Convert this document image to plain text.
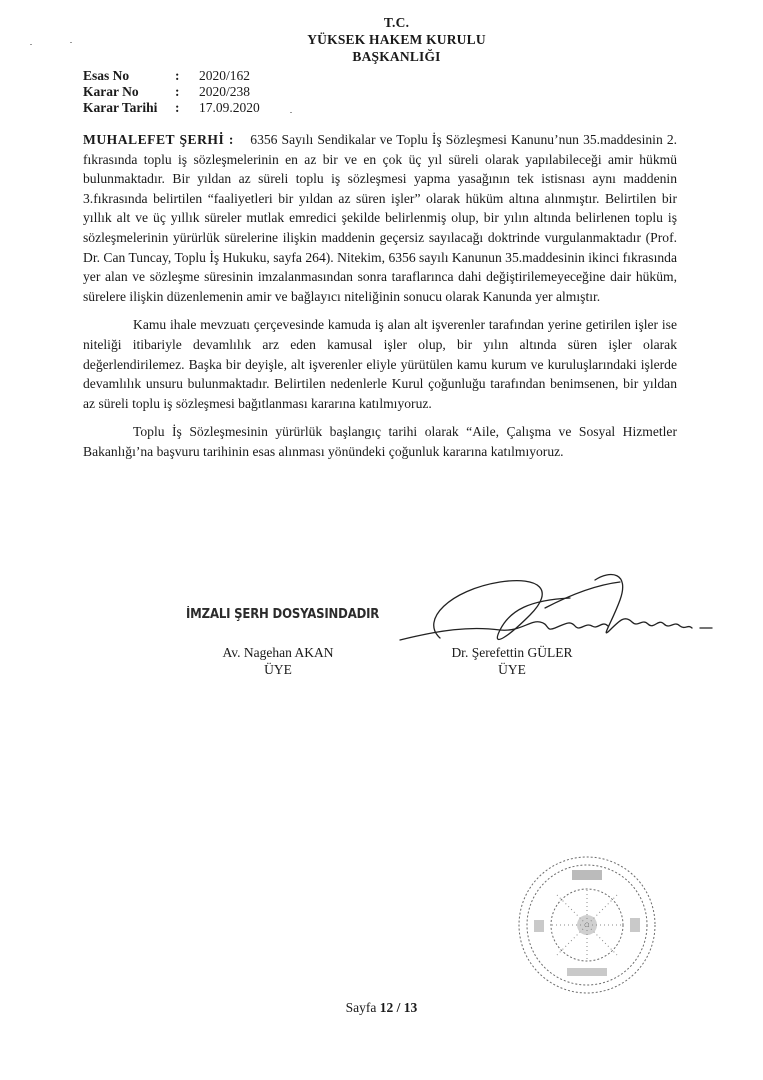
T.C.
YÜKSEK HAKEM KURULU
BAŞKANLIĞI
Esas No	:	2020/162
Karar No	:	2020/238
Karar Tarihi	:	17.09.2020

MUHALEFET ŞERHİ : 6356 Sayılı Sendikalar ve Toplu İş Sözleşmesi Kanunu’nun 35.maddesinin 2. fıkrasında toplu iş sözleşmelerinin en az bir ve en çok üç yıl süreli olarak yapılabileceği amir hükmü bulunmaktadır. Bir yıldan az süreli toplu iş sözleşmesi yapma yasağının tek istisnası aynı maddenin 3.fıkrasında belirtilen “faaliyetleri bir yıldan az süren işler” olarak hüküm altına alınmıştır. Belirtilen bir yıllık alt ve üç yıllık süreler mutlak emredici şekilde belirlenmiş olup, bir yılın altında belirlenen toplu iş sözleşmelerinin yürürlük sürelerine ilişkin maddenin geçersiz sayılacağı doktrinde vurgulanmaktadır (Prof. Dr. Can Tuncay, Toplu İş Hukuku, sayfa 264). Nitekim, 6356 sayılı Kanunun 35.maddesinin ikinci fıkrasında yer alan ve sözleşme süresinin imzalanmasından sonra taraflarınca dahi değiştirilemeyeceğine dair hüküm, sürelere ilişkin düzenlemenin amir ve bağlayıcı niteliğinin sonucu olarak Kanunda yer almıştır.

Kamu ihale mevzuatı çerçevesinde kamuda iş alan alt işverenler tarafından yerine getirilen işler ise niteliği itibariyle devamlılık arz eden kamusal işler olup, bir yılın altında süren işler olarak değerlendirilemez. Başka bir deyişle, alt işverenler eliyle yürütülen kamu kurum ve kuruluşlarındaki işlerde devamlılık unsuru bulunmaktadır. Belirtilen nedenlerle Kurul çoğunluğu tarafından benimsenen, bir yıldan az süreli toplu iş sözleşmesi bağıtlanması kararına katılmıyoruz.

Toplu İş Sözleşmesinin yürürlük başlangıç tarihi olarak “Aile, Çalışma ve Sosyal Hizmetler Bakanlığı’na başvuru tarihinin esas alınması yönündeki çoğunluk kararına katılmıyoruz.

İMZALI ŞERH DOSYASINDADIR
Av. Nagehan AKAN
ÜYE
Dr. Şerefettin GÜLER
ÜYE
Sayfa 12 / 13
